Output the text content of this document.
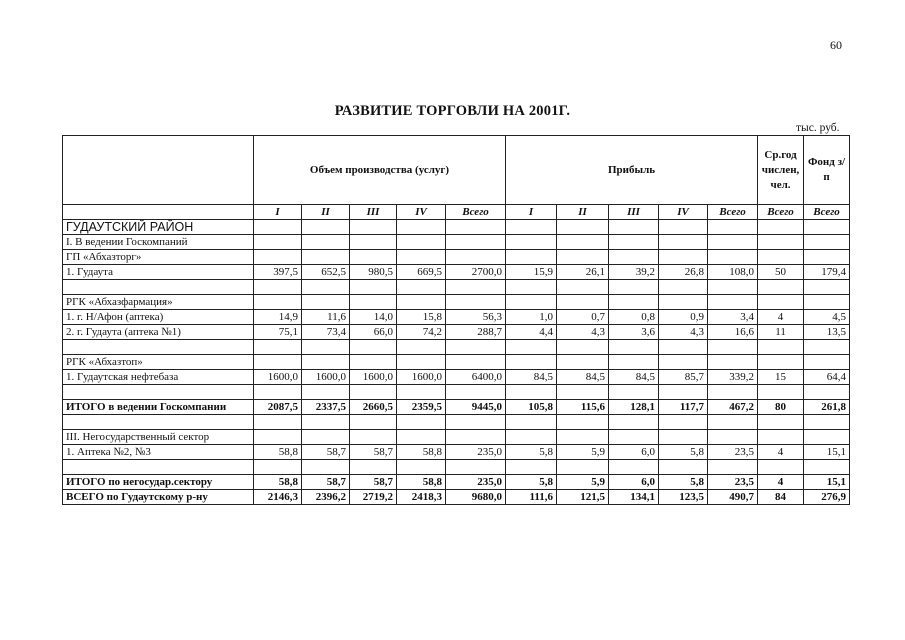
60
РАЗВИТИЕ ТОРГОВЛИ НА 2001Г.
тыс. руб.
	Объем производства (услуг)					Прибыль					Ср.год числен, чел.	Фонд з/п
	I	II	III	IV	Всего	I	II	III	IV	Всего	Всего	Всего
ГУДАУТСКИЙ РАЙОН												
I. В ведении Госкомпаний												
ГП «Абхазторг»												
1. Гудаута	397,5	652,5	980,5	669,5	2700,0	15,9	26,1	39,2	26,8	108,0	50	179,4

РГК «Абхазфармация»												
1. г. Н/Афон (аптека)	14,9	11,6	14,0	15,8	56,3	1,0	0,7	0,8	0,9	3,4	4	4,5
2. г. Гудаута (аптека №1)	75,1	73,4	66,0	74,2	288,7	4,4	4,3	3,6	4,3	16,6	11	13,5

РГК «Абхазтоп»												
1. Гудаутская нефтебаза	1600,0	1600,0	1600,0	1600,0	6400,0	84,5	84,5	84,5	85,7	339,2	15	64,4

ИТОГО в ведении Госкомпании	2087,5	2337,5	2660,5	2359,5	9445,0	105,8	115,6	128,1	117,7	467,2	80	261,8

III. Негосударственный сектор												
1. Аптека №2, №3	58,8	58,7	58,7	58,8	235,0	5,8	5,9	6,0	5,8	23,5	4	15,1

ИТОГО по негосудар.сектору	58,8	58,7	58,7	58,8	235,0	5,8	5,9	6,0	5,8	23,5	4	15,1
ВСЕГО по Гудаутскому р-ну	2146,3	2396,2	2719,2	2418,3	9680,0	111,6	121,5	134,1	123,5	490,7	84	276,9
